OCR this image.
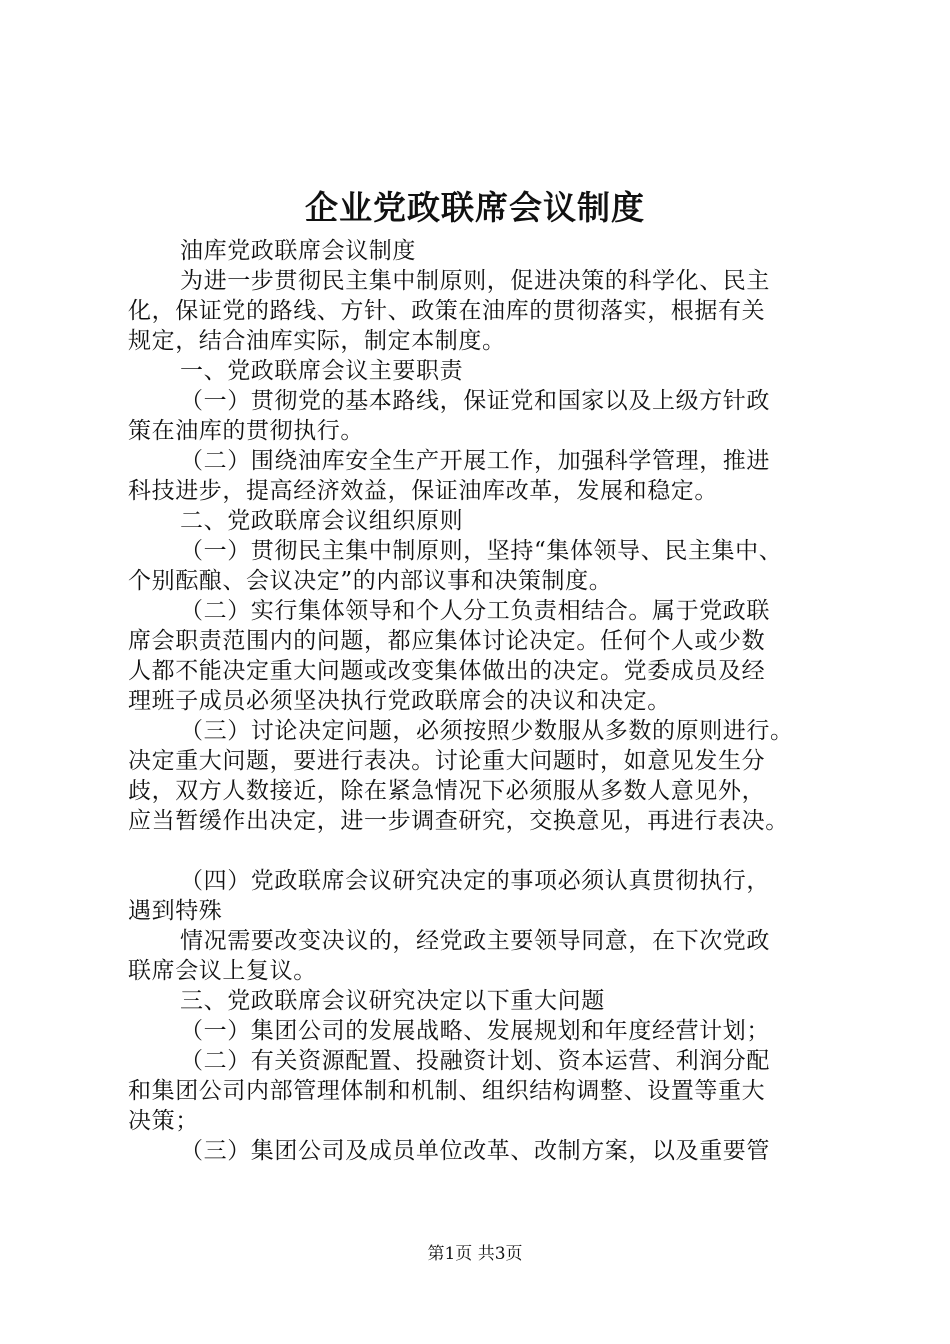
企业党政联席会议制度
油库党政联席会议制度
为进一步贯彻民主集中制原则，促进决策的科学化、民主
化，保证党的路线、方针、政策在油库的贯彻落实，根据有关
规定，结合油库实际，制定本制度。
一、党政联席会议主要职责
（一）贯彻党的基本路线，保证党和国家以及上级方针政
策在油库的贯彻执行。
（二）围绕油库安全生产开展工作，加强科学管理，推进
科技进步，提高经济效益，保证油库改革，发展和稳定。
二、党政联席会议组织原则
（一）贯彻民主集中制原则，坚持“集体领导、民主集中、
个别酝酿、会议决定”的内部议事和决策制度。
（二）实行集体领导和个人分工负责相结合。属于党政联
席会职责范围内的问题，都应集体讨论决定。任何个人或少数
人都不能决定重大问题或改变集体做出的决定。党委成员及经
理班子成员必须坚决执行党政联席会的决议和决定。
（三）讨论决定问题，必须按照少数服从多数的原则进行。
决定重大问题，要进行表决。讨论重大问题时，如意见发生分
歧，双方人数接近，除在紧急情况下必须服从多数人意见外，
应当暂缓作出决定，进一步调查研究，交换意见，再进行表决。
（四）党政联席会议研究决定的事项必须认真贯彻执行，
遇到特殊
情况需要改变决议的，经党政主要领导同意，在下次党政
联席会议上复议。
三、党政联席会议研究决定以下重大问题
（一）集团公司的发展战略、发展规划和年度经营计划；
（二）有关资源配置、投融资计划、资本运营、利润分配
和集团公司内部管理体制和机制、组织结构调整、设置等重大
决策；
（三）集团公司及成员单位改革、改制方案，以及重要管
第1页 共3页
